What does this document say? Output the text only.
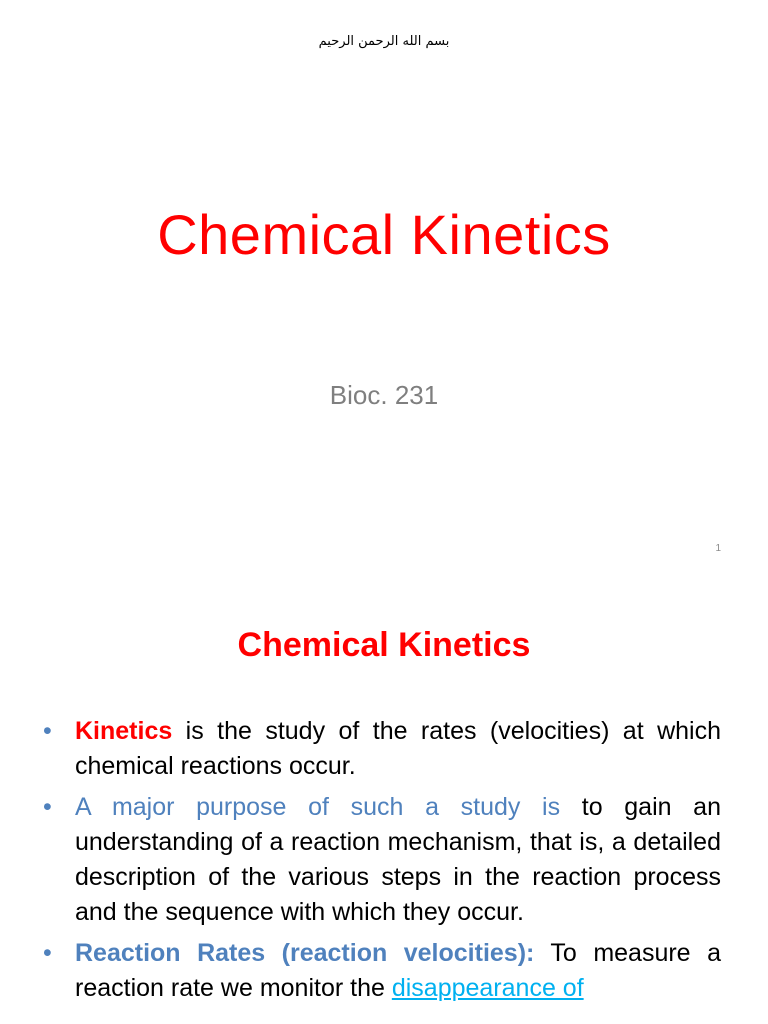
بسم الله الرحمن الرحيم
Chemical Kinetics
Bioc. 231
1
Chemical Kinetics
• Kinetics is the study of the rates (velocities) at which chemical reactions occur.
• A major purpose of such a study is to gain an understanding of a reaction mechanism, that is, a detailed description of the various steps in the reaction process and the sequence with which they occur.
• Reaction Rates (reaction velocities): To measure a reaction rate we monitor the disappearance of
